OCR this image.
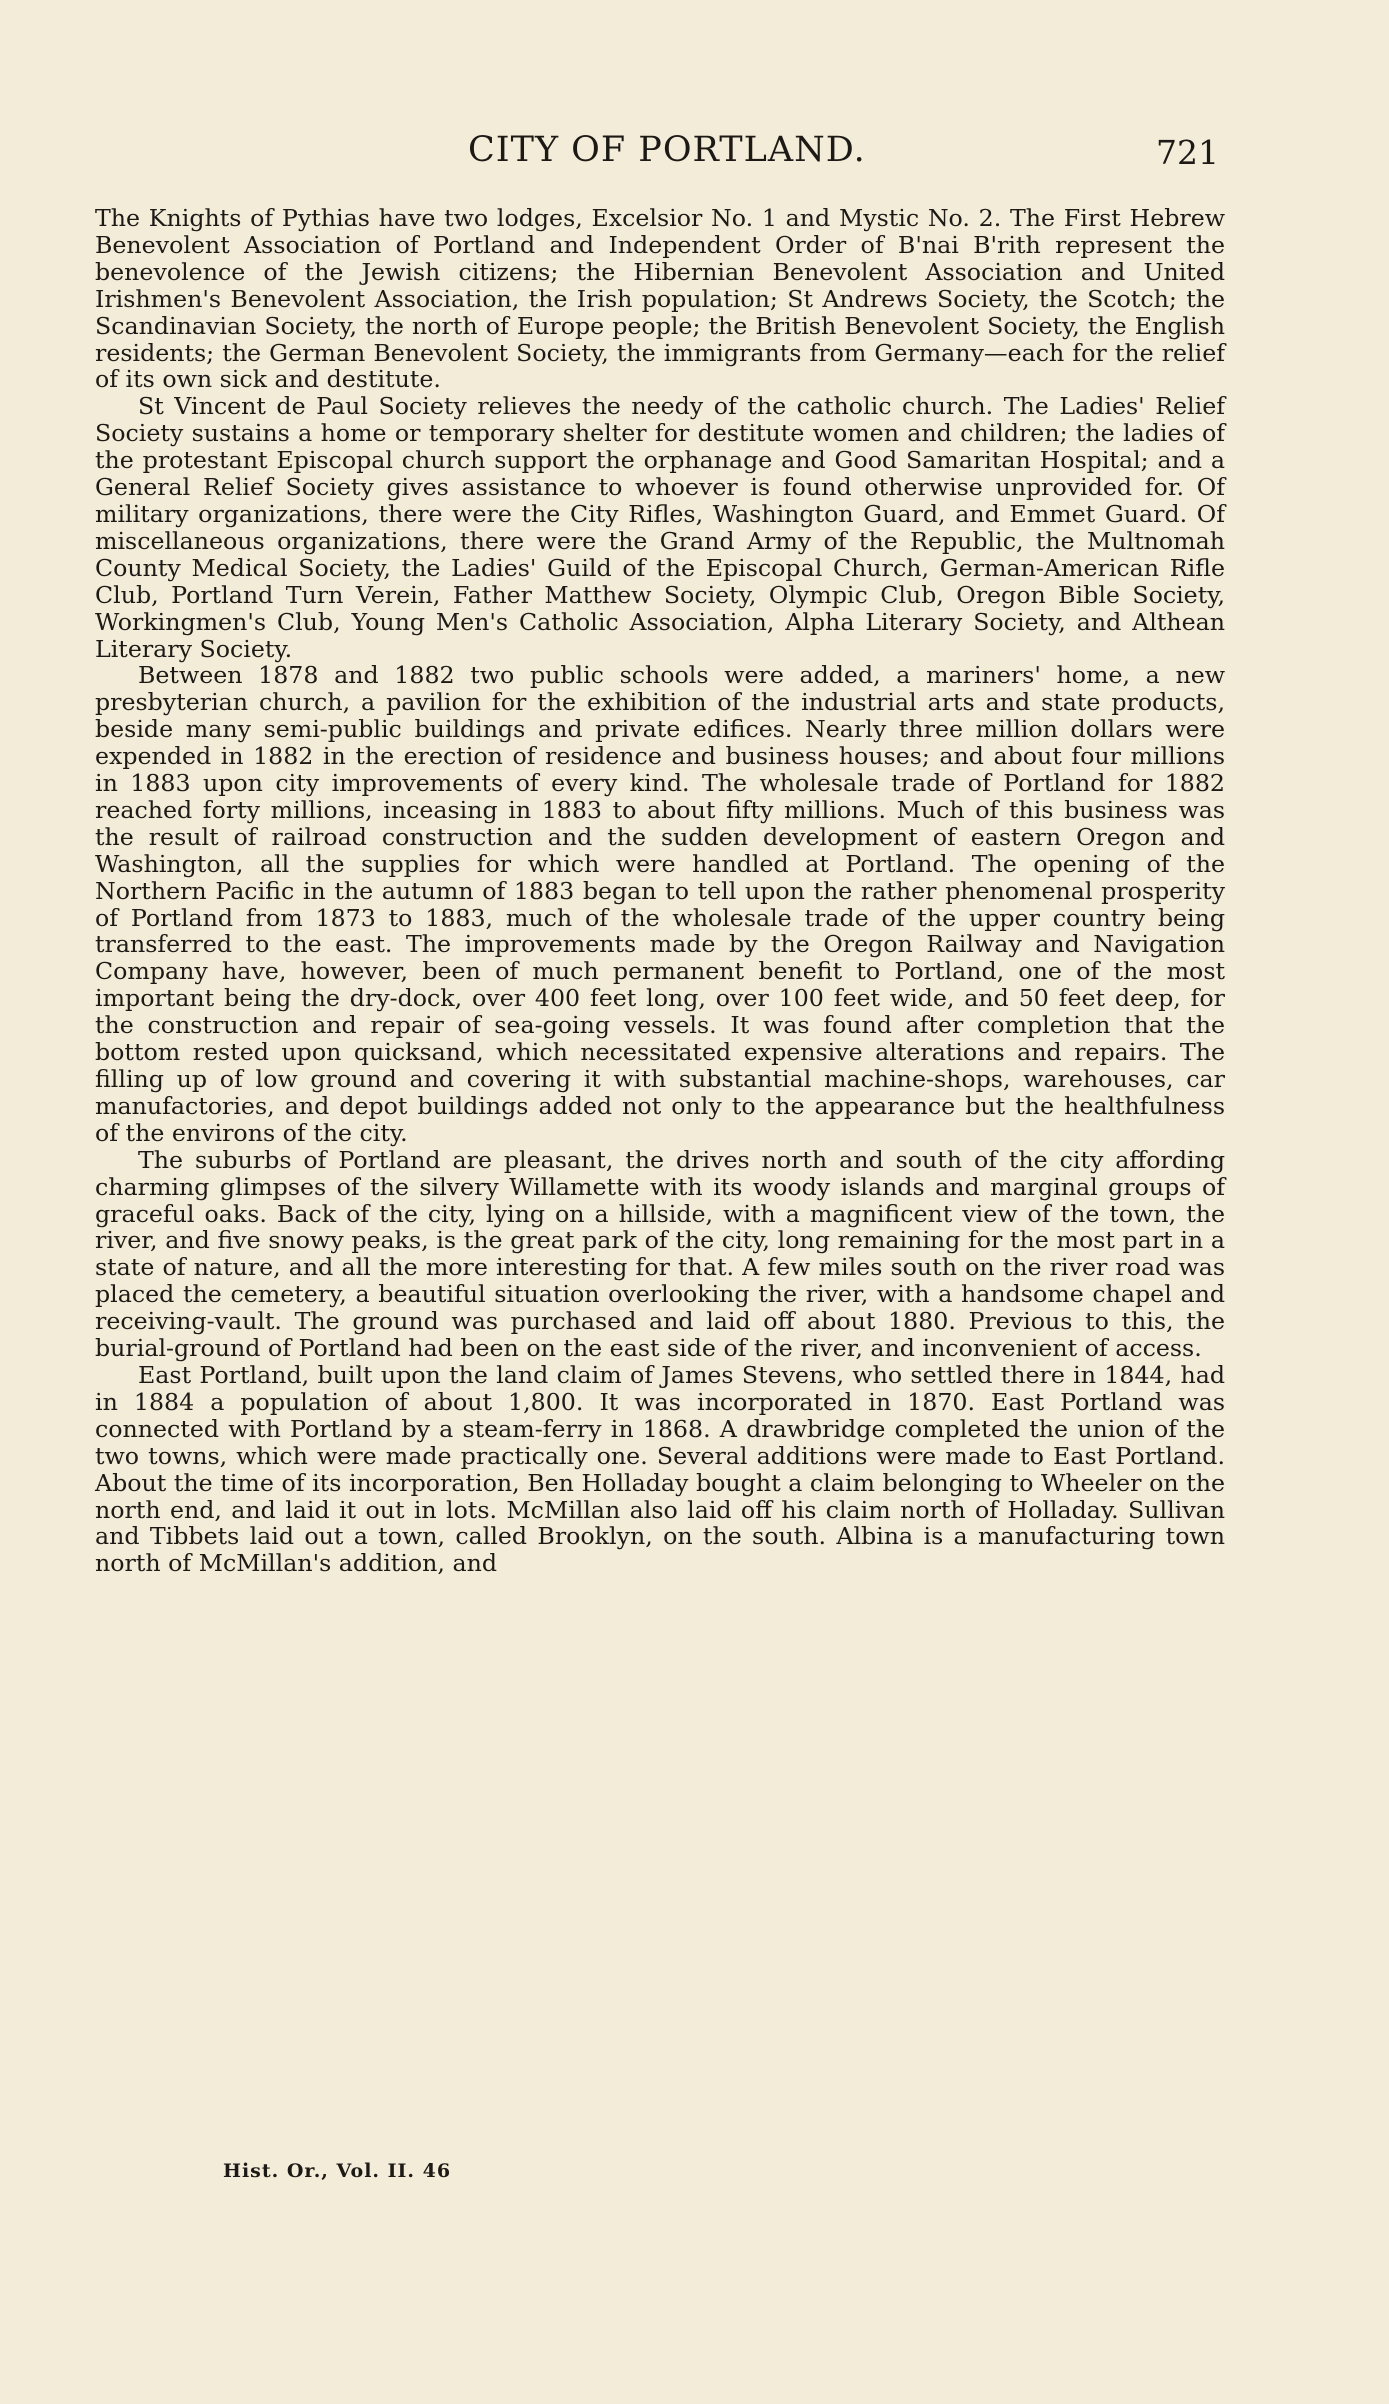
CITY OF PORTLAND.	721

The Knights of Pythias have two lodges, Excelsior No. 1 and Mystic No. 2. The First Hebrew Benevolent Association of Portland and Independent Order of B'nai B'rith represent the benevolence of the Jewish citizens; the Hibernian Benevolent Association and United Irishmen's Benevolent Association, the Irish population; St Andrews Society, the Scotch; the Scandinavian Society, the north of Europe people; the British Benevolent Society, the English residents; the German Benevolent Society, the immigrants from Germany—each for the relief of its own sick and destitute.

St Vincent de Paul Society relieves the needy of the catholic church. The Ladies' Relief Society sustains a home or temporary shelter for destitute women and children; the ladies of the protestant Episcopal church support the orphanage and Good Samaritan Hospital; and a General Relief Society gives assistance to whoever is found otherwise unprovided for. Of military organizations, there were the City Rifles, Washington Guard, and Emmet Guard. Of miscellaneous organizations, there were the Grand Army of the Republic, the Multnomah County Medical Society, the Ladies' Guild of the Episcopal Church, German-American Rifle Club, Portland Turn Verein, Father Matthew Society, Olympic Club, Oregon Bible Society, Workingmen's Club, Young Men's Catholic Association, Alpha Literary Society, and Althean Literary Society.

Between 1878 and 1882 two public schools were added, a mariners' home, a new presbyterian church, a pavilion for the exhibition of the industrial arts and state products, beside many semi-public buildings and private edifices. Nearly three million dollars were expended in 1882 in the erection of residence and business houses; and about four millions in 1883 upon city improvements of every kind. The wholesale trade of Portland for 1882 reached forty millions, inceasing in 1883 to about fifty millions. Much of this business was the result of railroad construction and the sudden development of eastern Oregon and Washington, all the supplies for which were handled at Portland. The opening of the Northern Pacific in the autumn of 1883 began to tell upon the rather phenomenal prosperity of Portland from 1873 to 1883, much of the wholesale trade of the upper country being transferred to the east. The improvements made by the Oregon Railway and Navigation Company have, however, been of much permanent benefit to Portland, one of the most important being the dry-dock, over 400 feet long, over 100 feet wide, and 50 feet deep, for the construction and repair of sea-going vessels. It was found after completion that the bottom rested upon quicksand, which necessitated expensive alterations and repairs. The filling up of low ground and covering it with substantial machine-shops, warehouses, car manufactories, and depot buildings added not only to the appearance but the healthfulness of the environs of the city.

The suburbs of Portland are pleasant, the drives north and south of the city affording charming glimpses of the silvery Willamette with its woody islands and marginal groups of graceful oaks. Back of the city, lying on a hillside, with a magnificent view of the town, the river, and five snowy peaks, is the great park of the city, long remaining for the most part in a state of nature, and all the more interesting for that. A few miles south on the river road was placed the cemetery, a beautiful situation overlooking the river, with a handsome chapel and receiving-vault. The ground was purchased and laid off about 1880. Previous to this, the burial-ground of Portland had been on the east side of the river, and inconvenient of access.

East Portland, built upon the land claim of James Stevens, who settled there in 1844, had in 1884 a population of about 1,800. It was incorporated in 1870. East Portland was connected with Portland by a steam-ferry in 1868. A drawbridge completed the union of the two towns, which were made practically one. Several additions were made to East Portland. About the time of its incorporation, Ben Holladay bought a claim belonging to Wheeler on the north end, and laid it out in lots. McMillan also laid off his claim north of Holladay. Sullivan and Tibbets laid out a town, called Brooklyn, on the south. Albina is a manufacturing town north of McMillan's addition, and

Hist. Or., Vol. II. 46
